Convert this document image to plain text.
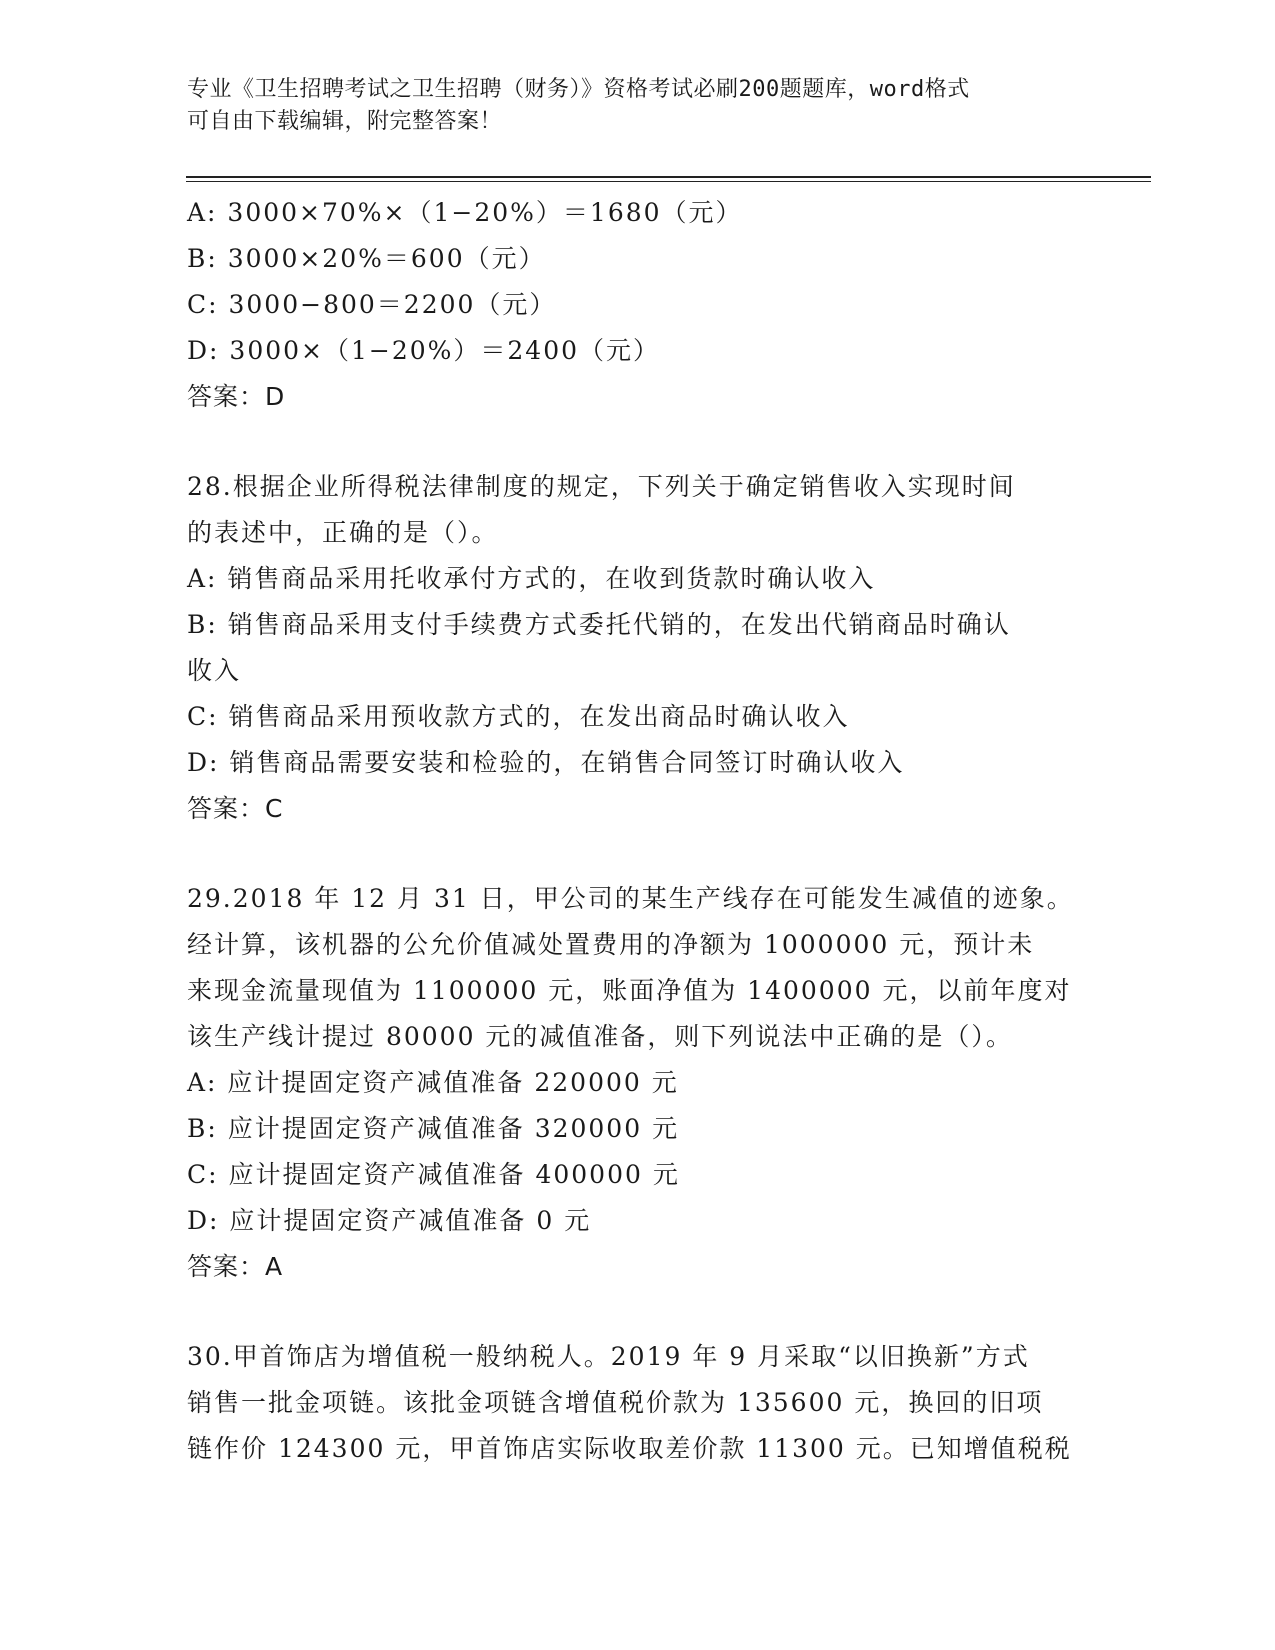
专业《卫生招聘考试之卫生招聘（财务）》资格考试必刷200题题库，word格式
可自由下载编辑，附完整答案！
A: 3000×70%×（1−20%）＝1680（元）
B: 3000×20%＝600（元）
C: 3000−800＝2200（元）
D: 3000×（1−20%）＝2400（元）
答案：D
28.根据企业所得税法律制度的规定，下列关于确定销售收入实现时间
的表述中，正确的是（）。
A: 销售商品采用托收承付方式的，在收到货款时确认收入
B: 销售商品采用支付手续费方式委托代销的，在发出代销商品时确认
收入
C: 销售商品采用预收款方式的，在发出商品时确认收入
D: 销售商品需要安装和检验的，在销售合同签订时确认收入
答案：C
29.2018 年 12 月 31 日，甲公司的某生产线存在可能发生减值的迹象。
经计算，该机器的公允价值减处置费用的净额为 1000000 元，预计未
来现金流量现值为 1100000 元，账面净值为 1400000 元，以前年度对
该生产线计提过 80000 元的减值准备，则下列说法中正确的是（）。
A: 应计提固定资产减值准备 220000 元
B: 应计提固定资产减值准备 320000 元
C: 应计提固定资产减值准备 400000 元
D: 应计提固定资产减值准备 0 元
答案：A
30.甲首饰店为增值税一般纳税人。2019 年 9 月采取“以旧换新”方式
销售一批金项链。该批金项链含增值税价款为 135600 元，换回的旧项
链作价 124300 元，甲首饰店实际收取差价款 11300 元。已知增值税税
